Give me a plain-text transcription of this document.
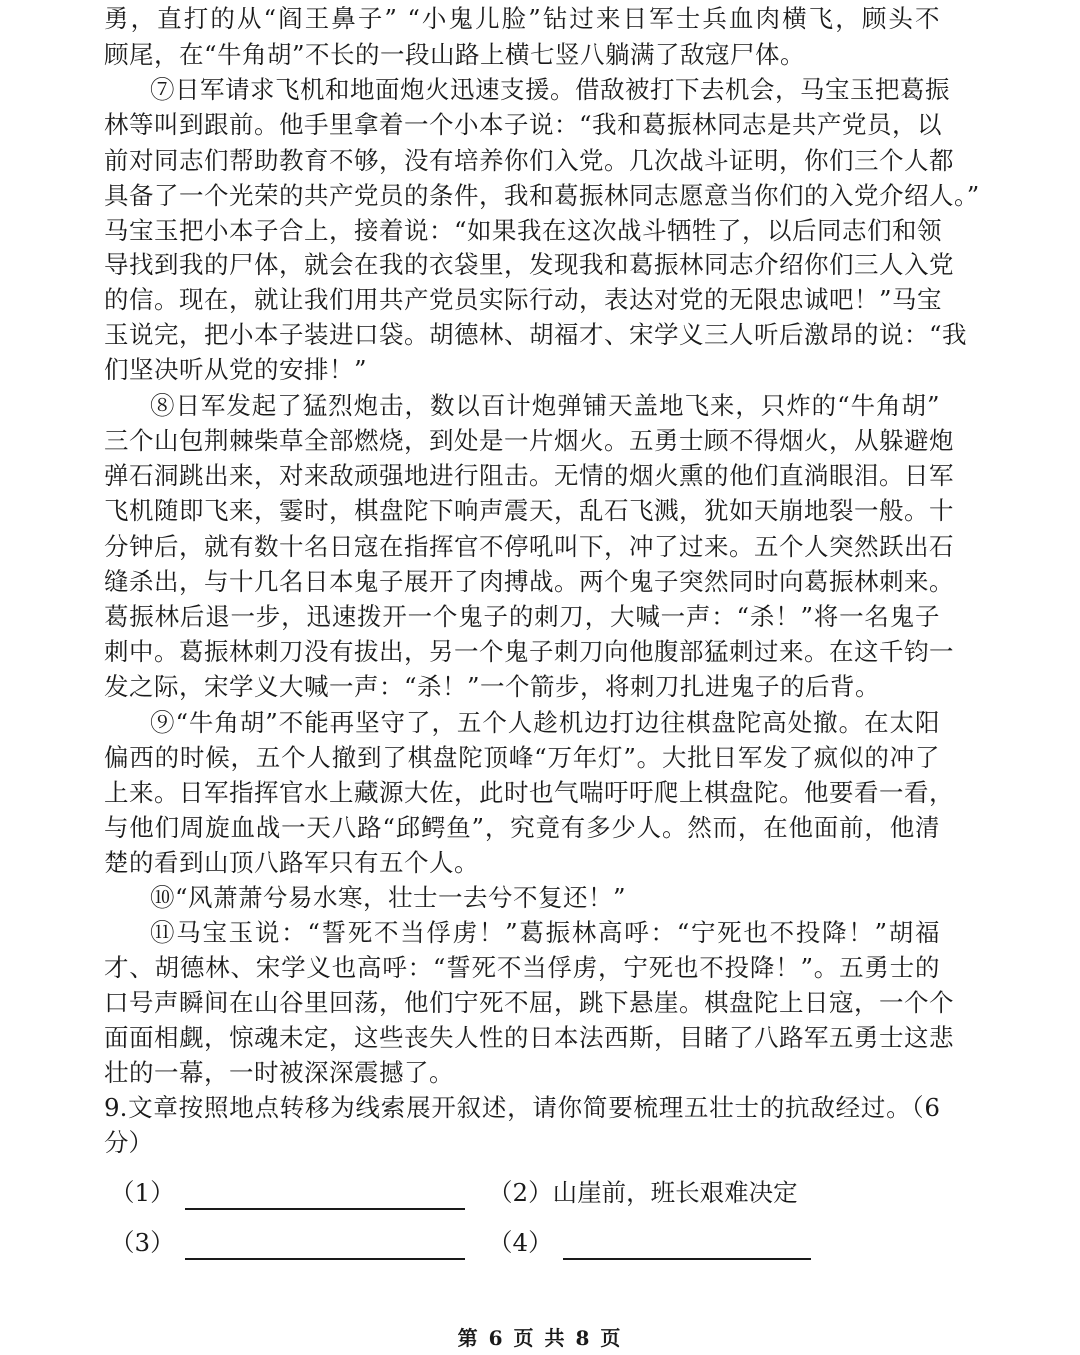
勇，直打的从“阎王鼻子” “小鬼儿脸”钻过来日军士兵血肉横飞，顾头不
顾尾，在“牛角胡”不长的一段山路上横七竖八躺满了敌寇尸体。
⑦日军请求飞机和地面炮火迅速支援。借敌被打下去机会，马宝玉把葛振
林等叫到跟前。他手里拿着一个小本子说：“我和葛振林同志是共产党员，以
前对同志们帮助教育不够，没有培养你们入党。几次战斗证明，你们三个人都
具备了一个光荣的共产党员的条件，我和葛振林同志愿意当你们的入党介绍人。”
马宝玉把小本子合上，接着说：“如果我在这次战斗牺牲了，以后同志们和领
导找到我的尸体，就会在我的衣袋里，发现我和葛振林同志介绍你们三人入党
的信。现在，就让我们用共产党员实际行动，表达对党的无限忠诚吧！”马宝
玉说完，把小本子装进口袋。胡德林、胡福才、宋学义三人听后激昂的说：“我
们坚决听从党的安排！”
⑧日军发起了猛烈炮击，数以百计炮弹铺天盖地飞来，只炸的“牛角胡”
三个山包荆棘柴草全部燃烧，到处是一片烟火。五勇士顾不得烟火，从躲避炮
弹石洞跳出来，对来敌顽强地进行阻击。无情的烟火熏的他们直淌眼泪。日军
飞机随即飞来，霎时，棋盘陀下响声震天，乱石飞溅，犹如天崩地裂一般。十
分钟后，就有数十名日寇在指挥官不停吼叫下，冲了过来。五个人突然跃出石
缝杀出，与十几名日本鬼子展开了肉搏战。两个鬼子突然同时向葛振林刺来。
葛振林后退一步，迅速拨开一个鬼子的刺刀，大喊一声：“杀！”将一名鬼子
刺中。葛振林刺刀没有拔出，另一个鬼子刺刀向他腹部猛刺过来。在这千钧一
发之际，宋学义大喊一声：“杀！”一个箭步，将刺刀扎进鬼子的后背。
⑨“牛角胡”不能再坚守了，五个人趁机边打边往棋盘陀高处撤。在太阳
偏西的时候，五个人撤到了棋盘陀顶峰“万年灯”。大批日军发了疯似的冲了
上来。日军指挥官水上藏源大佐，此时也气喘吁吁爬上棋盘陀。他要看一看，
与他们周旋血战一天八路“邱鳄鱼”，究竟有多少人。然而，在他面前，他清
楚的看到山顶八路军只有五个人。
⑩“风萧萧兮易水寒，壮士一去兮不复还！”
⑪马宝玉说：“誓死不当俘虏！”葛振林高呼：“宁死也不投降！”胡福
才、胡德林、宋学义也高呼：“誓死不当俘虏，宁死也不投降！”。五勇士的
口号声瞬间在山谷里回荡，他们宁死不屈，跳下悬崖。棋盘陀上日寇，一个个
面面相觑，惊魂未定，这些丧失人性的日本法西斯，目睹了八路军五勇士这悲
壮的一幕，一时被深深震撼了。
9.文章按照地点转移为线索展开叙述，请你简要梳理五壮士的抗敌经过。（6
分）
（1）	（2）山崖前，班长艰难决定
（3）	（4）
第 6 页 共 8 页
